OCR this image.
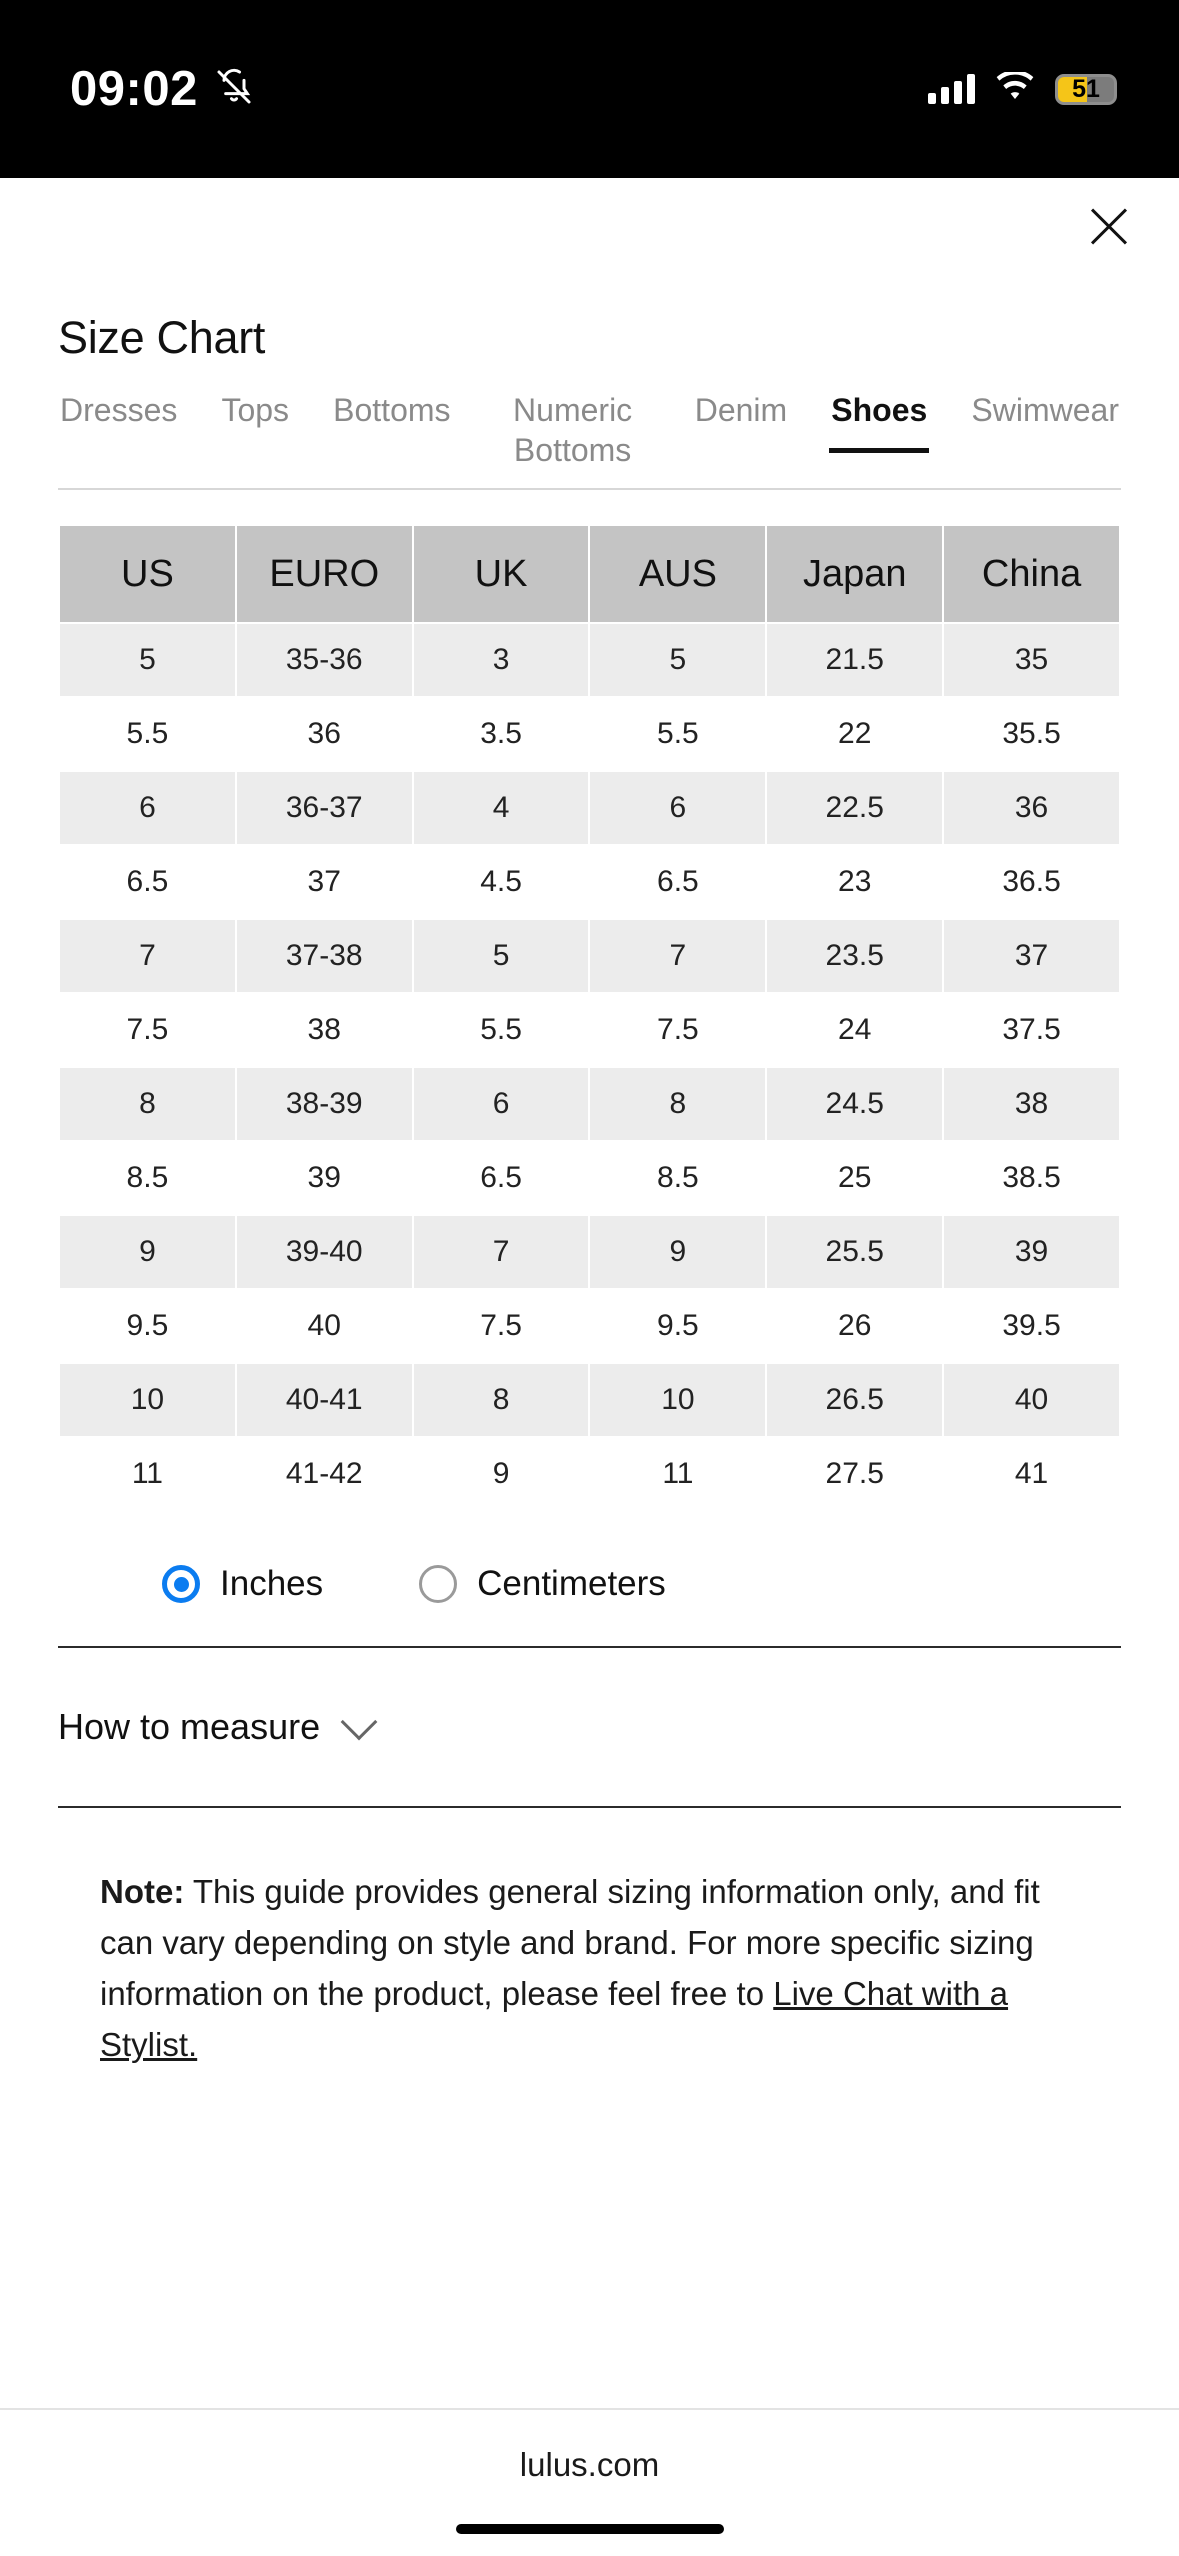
09:02	51
Size Chart
Dresses Tops Bottoms	Numeric Bottoms
Denim Shoes Swimwear
US	EURO	UK	AUS	Japan	China
5	35-36	3	5	21.5	35
5.5	36	3.5	5.5	22	35.5
6	36-37	4	6	22.5	36
6.5	37	4.5	6.5	23	36.5
7	37-38	5	7	23.5	37
7.5	38	5.5	7.5	24	37.5
8	38-39	6	8	24.5	38
8.5	39	6.5	8.5	25	38.5
9	39-40	7	9	25.5	39
9.5	40	7.5	9.5	26	39.5
10	40-41	8	10	26.5	40
11	41-42	9	11	27.5	41
Inches	Centimeters
How to measure

Note: This guide provides general sizing information only, and fit can vary depending on style and brand. For more specific sizing information on the product, please feel free to Live Chat with a Stylist.

lulus.com
